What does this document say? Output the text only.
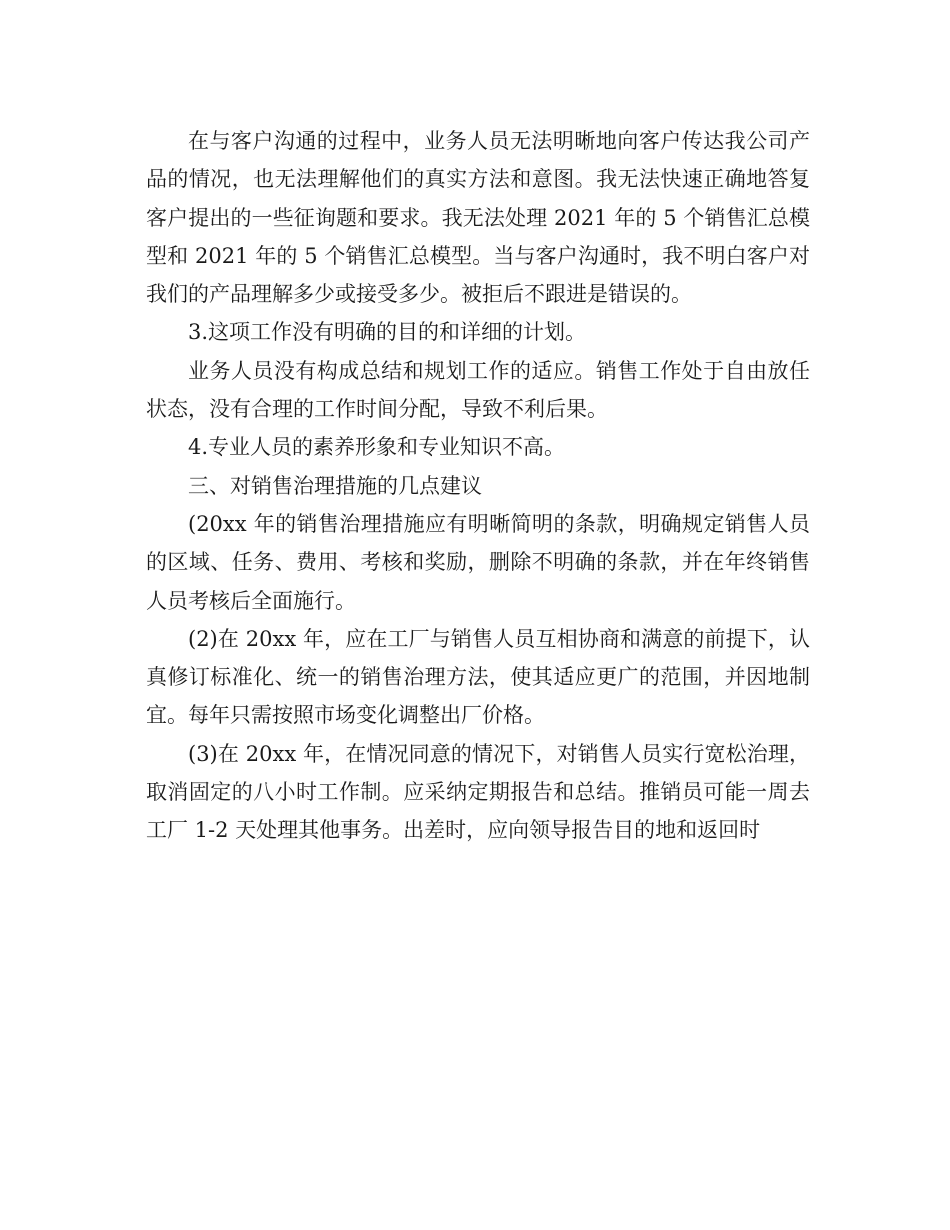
在与客户沟通的过程中，业务人员无法明晰地向客户传达我公司产品的情况，也无法理解他们的真实方法和意图。我无法快速正确地答复客户提出的一些征询题和要求。我无法处理 2021 年的 5 个销售汇总模型和 2021 年的 5 个销售汇总模型。当与客户沟通时，我不明白客户对我们的产品理解多少或接受多少。被拒后不跟进是错误的。

3.这项工作没有明确的目的和详细的计划。

业务人员没有构成总结和规划工作的适应。销售工作处于自由放任状态，没有合理的工作时间分配，导致不利后果。

4.专业人员的素养形象和专业知识不高。

三、对销售治理措施的几点建议

(20xx 年的销售治理措施应有明晰简明的条款，明确规定销售人员的区域、任务、费用、考核和奖励，删除不明确的条款，并在年终销售人员考核后全面施行。

(2)在 20xx 年，应在工厂与销售人员互相协商和满意的前提下，认真修订标准化、统一的销售治理方法，使其适应更广的范围，并因地制宜。每年只需按照市场变化调整出厂价格。

(3)在 20xx 年，在情况同意的情况下，对销售人员实行宽松治理，取消固定的八小时工作制。应采纳定期报告和总结。推销员可能一周去工厂 1-2 天处理其他事务。出差时，应向领导报告目的地和返回时
